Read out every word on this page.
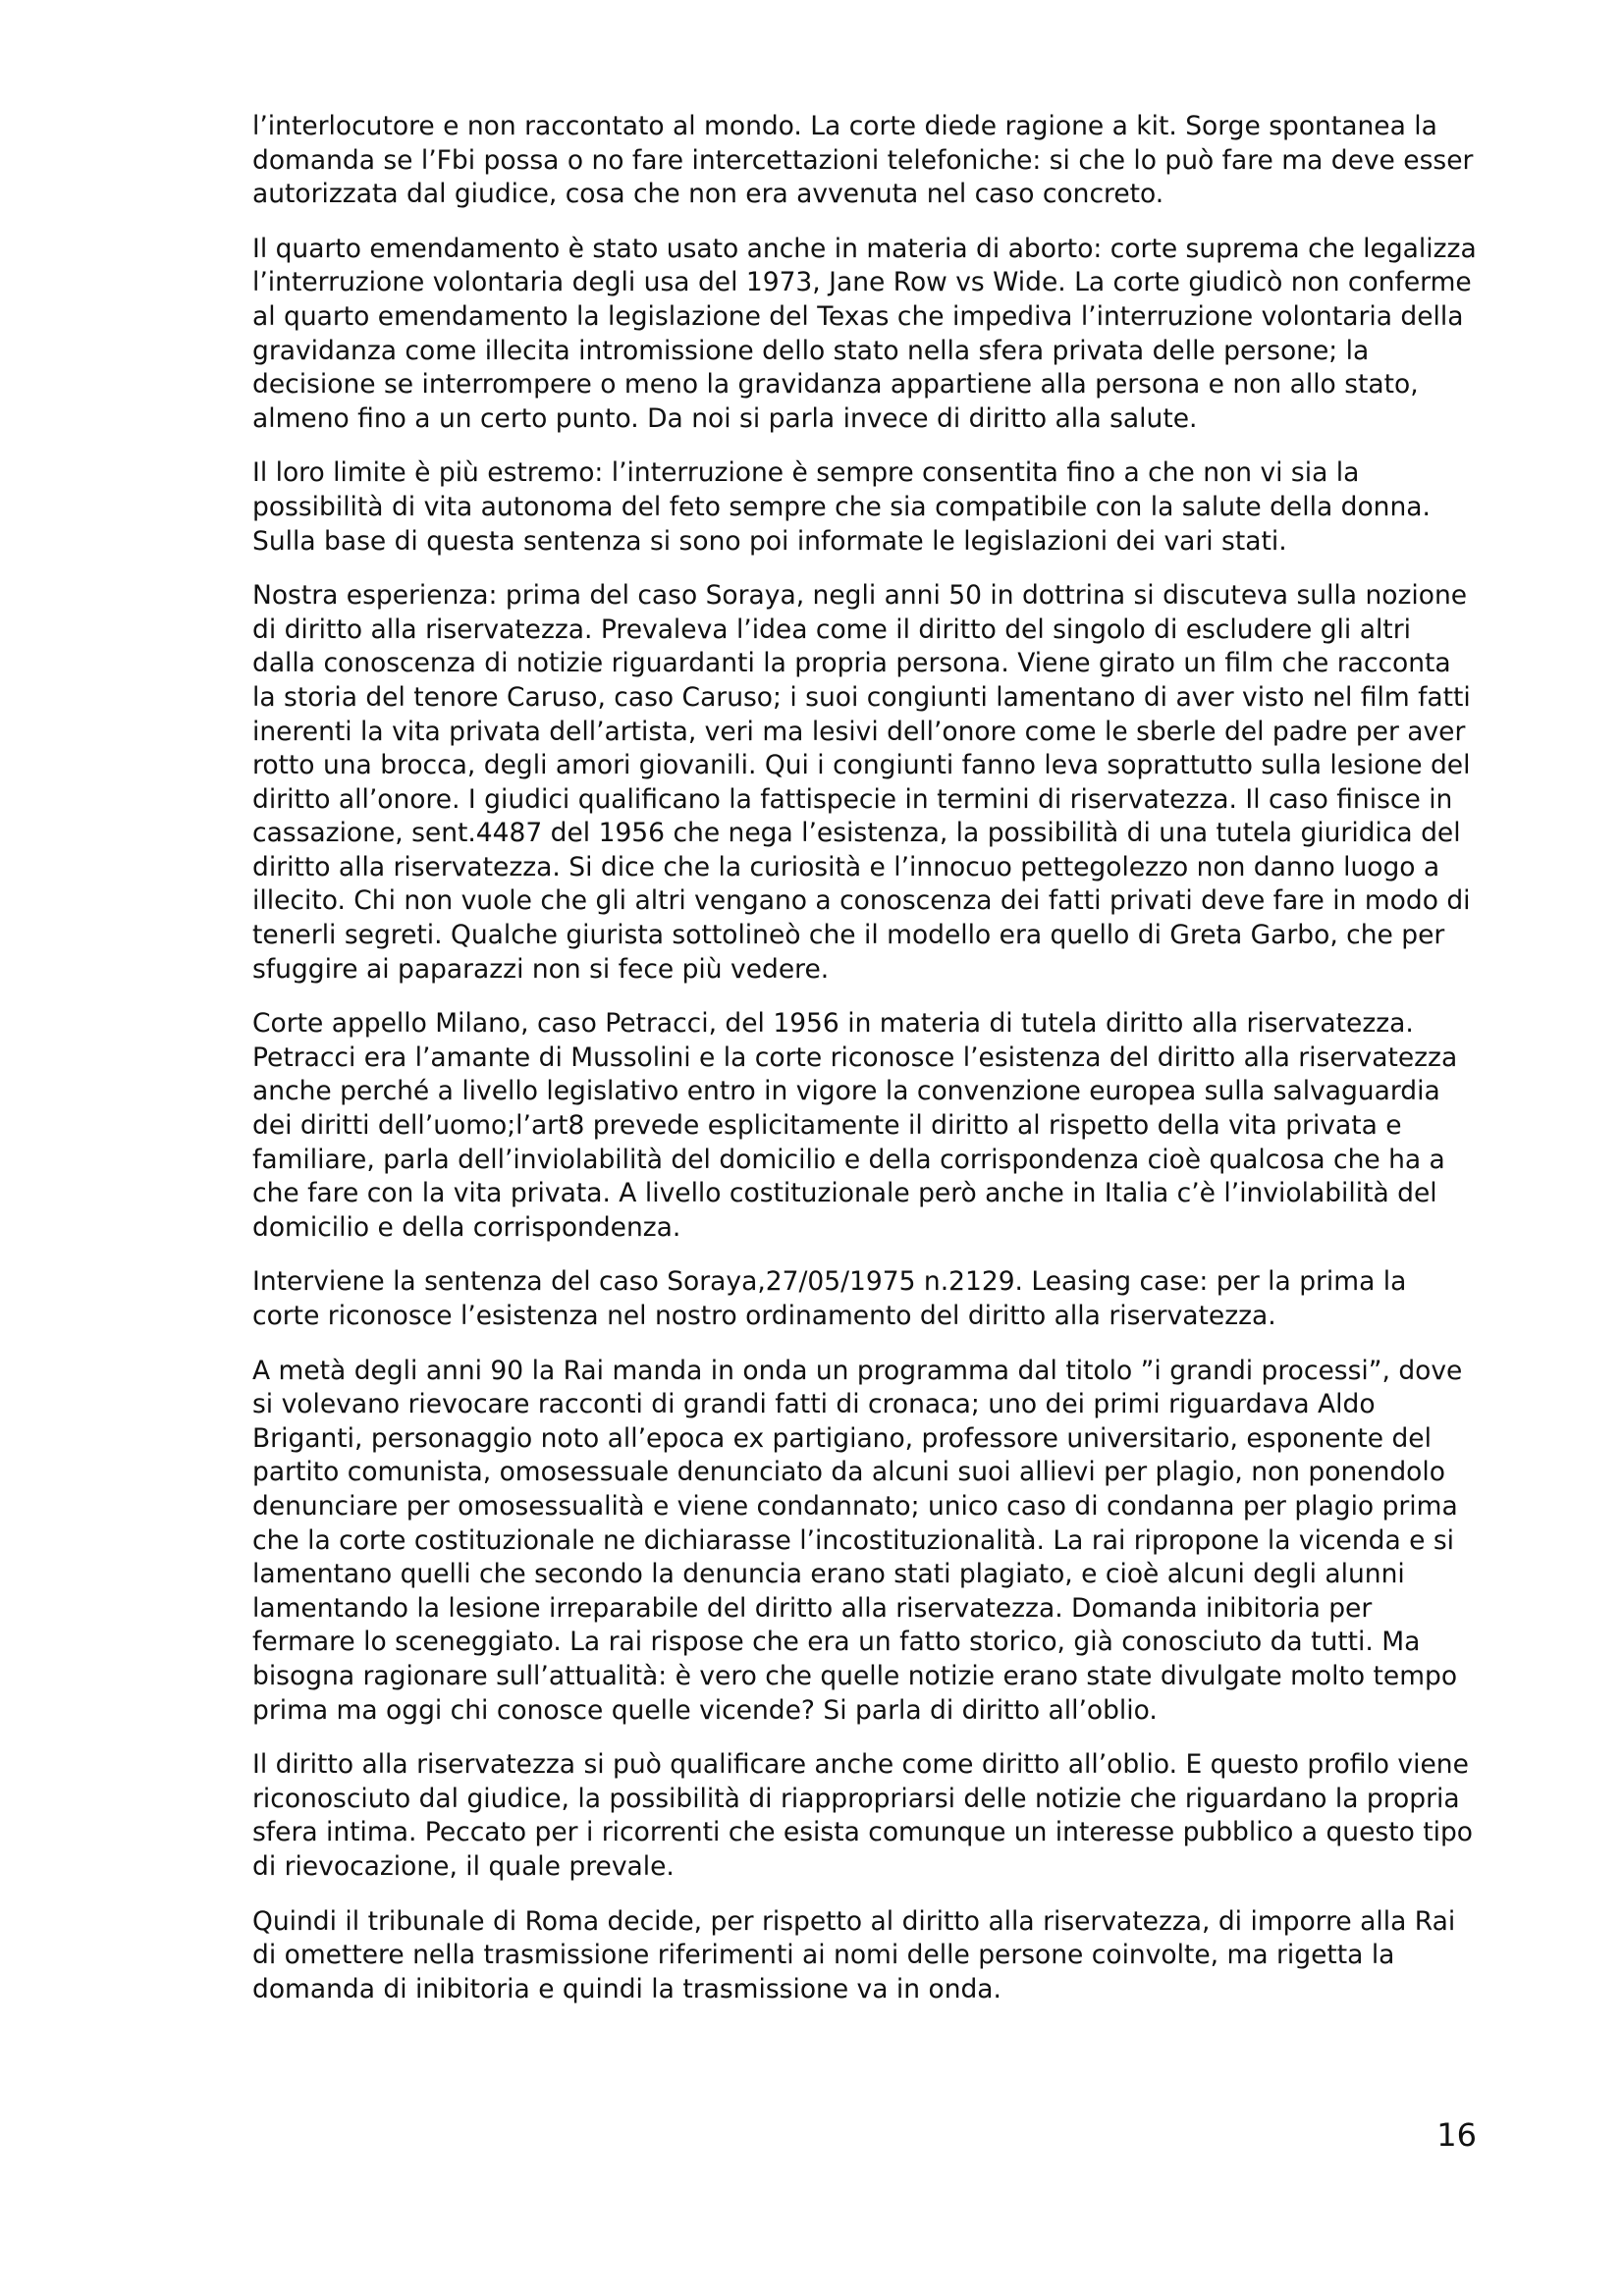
l’interlocutore e non raccontato al mondo. La corte diede ragione a kit. Sorge spontanea la domanda se l’Fbi possa o no fare intercettazioni telefoniche: si che lo può fare ma deve esser autorizzata dal giudice, cosa che non era avvenuta nel caso concreto.

Il quarto emendamento è stato usato anche in materia di aborto: corte suprema che legalizza l’interruzione volontaria degli usa del 1973, Jane Row vs Wide. La corte giudicò non conferme al quarto emendamento la legislazione del Texas che impediva l’interruzione volontaria della gravidanza come illecita intromissione dello stato nella sfera privata delle persone; la decisione se interrompere o meno la gravidanza appartiene alla persona e non allo stato, almeno fino a un certo punto. Da noi si parla invece di diritto alla salute.

Il loro limite è più estremo: l’interruzione è sempre consentita fino a che non vi sia la possibilità di vita autonoma del feto sempre che sia compatibile con la salute della donna. Sulla base di questa sentenza si sono poi informate le legislazioni dei vari stati.

Nostra esperienza: prima del caso Soraya, negli anni 50 in dottrina si discuteva sulla nozione di diritto alla riservatezza. Prevaleva l’idea come il diritto del singolo di escludere gli altri dalla conoscenza di notizie riguardanti la propria persona. Viene girato un film che racconta la storia del tenore Caruso, caso Caruso; i suoi congiunti lamentano di aver visto nel film fatti inerenti la vita privata dell’artista, veri ma lesivi dell’onore come le sberle del padre per aver rotto una brocca, degli amori giovanili. Qui i congiunti fanno leva soprattutto sulla lesione del diritto all’onore. I giudici qualificano la fattispecie in termini di riservatezza. Il caso finisce in cassazione, sent.4487 del 1956 che nega l’esistenza, la possibilità di una tutela giuridica del diritto alla riservatezza. Si dice che la curiosità e l’innocuo pettegolezzo non danno luogo a illecito. Chi non vuole che gli altri vengano a conoscenza dei fatti privati deve fare in modo di tenerli segreti. Qualche giurista sottolineò che il modello era quello di Greta Garbo, che per sfuggire ai paparazzi non si fece più vedere.

Corte appello Milano, caso Petracci, del 1956 in materia di tutela diritto alla riservatezza. Petracci era l’amante di Mussolini e la corte riconosce l’esistenza del diritto alla riservatezza anche perché a livello legislativo entro in vigore la convenzione europea sulla salvaguardia dei diritti dell’uomo;l’art8 prevede esplicitamente il diritto al rispetto della vita privata e familiare, parla dell’inviolabilità del domicilio e della corrispondenza cioè qualcosa che ha a che fare con la vita privata. A livello costituzionale però anche in Italia c’è l’inviolabilità del domicilio e della corrispondenza.

Interviene la sentenza del caso Soraya,27/05/1975 n.2129. Leasing case: per la prima la corte riconosce l’esistenza nel nostro ordinamento del diritto alla riservatezza.

A metà degli anni 90 la Rai manda in onda un programma dal titolo ”i grandi processi”, dove si volevano rievocare racconti di grandi fatti di cronaca; uno dei primi riguardava Aldo Briganti, personaggio noto all’epoca ex partigiano, professore universitario, esponente del partito comunista, omosessuale denunciato da alcuni suoi allievi per plagio, non ponendolo denunciare per omosessualità e viene condannato; unico caso di condanna per plagio prima che la corte costituzionale ne dichiarasse l’incostituzionalità. La rai ripropone la vicenda e si lamentano quelli che secondo la denuncia erano stati plagiato, e cioè alcuni degli alunni lamentando la lesione irreparabile del diritto alla riservatezza. Domanda inibitoria per fermare lo sceneggiato. La rai rispose che era un fatto storico, già conosciuto da tutti. Ma bisogna ragionare sull’attualità: è vero che quelle notizie erano state divulgate molto tempo prima ma oggi chi conosce quelle vicende? Si parla di diritto all’oblio.

Il diritto alla riservatezza si può qualificare anche come diritto all’oblio. E questo profilo viene riconosciuto dal giudice, la possibilità di riappropriarsi delle notizie che riguardano la propria sfera intima. Peccato per i ricorrenti che esista comunque un interesse pubblico a questo tipo di rievocazione, il quale prevale.

Quindi il tribunale di Roma decide, per rispetto al diritto alla riservatezza, di imporre alla Rai di omettere nella trasmissione riferimenti ai nomi delle persone coinvolte, ma rigetta la domanda di inibitoria e quindi la trasmissione va in onda.

16
